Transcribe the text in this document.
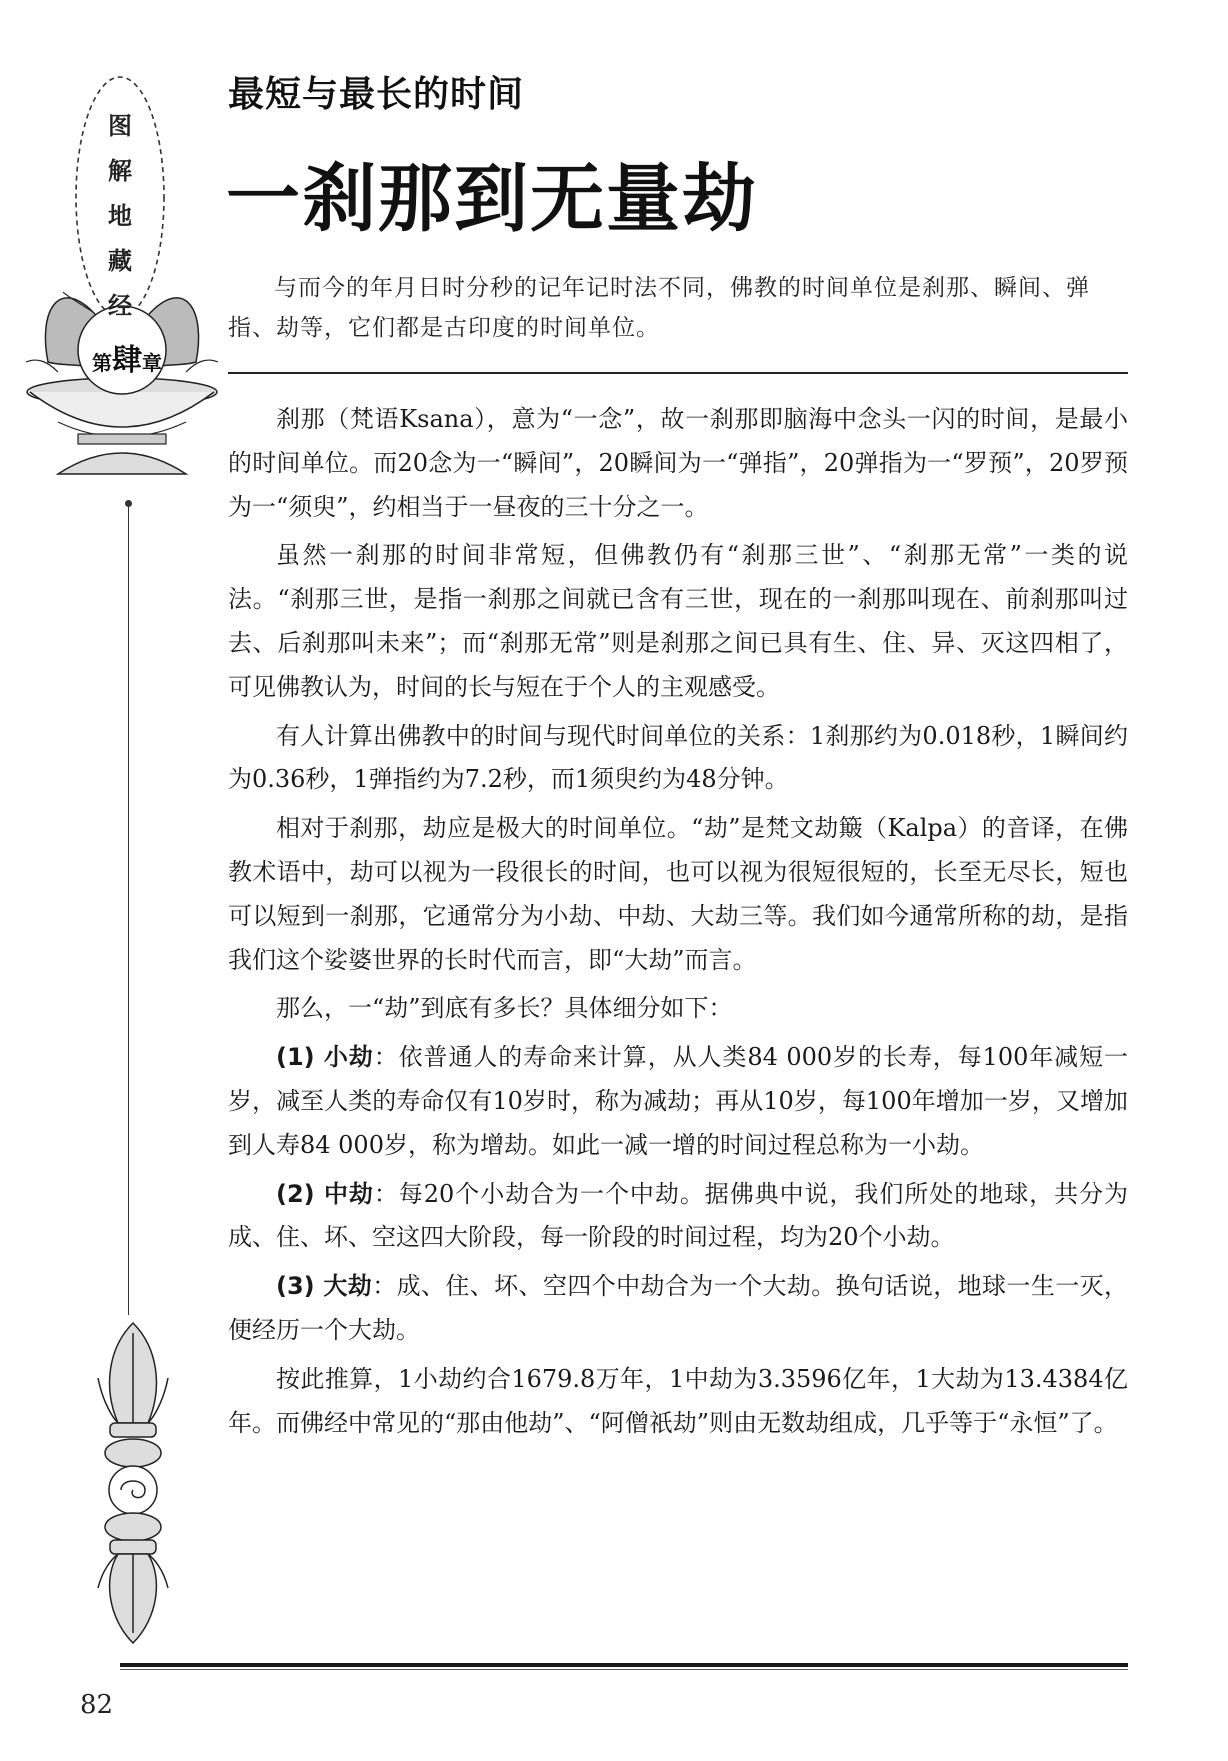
图
解
地
藏
经
第肆章
最短与最长的时间
一刹那到无量劫
与而今的年月日时分秒的记年记时法不同，佛教的时间单位是刹那、瞬间、弹指、劫等，它们都是古印度的时间单位。

刹那（梵语Ksana），意为“一念”，故一刹那即脑海中念头一闪的时间，是最小的时间单位。而20念为一“瞬间”，20瞬间为一“弹指”，20弹指为一“罗预”，20罗预为一“须臾”，约相当于一昼夜的三十分之一。

虽然一刹那的时间非常短，但佛教仍有“刹那三世”、“刹那无常”一类的说法。“刹那三世，是指一刹那之间就已含有三世，现在的一刹那叫现在、前刹那叫过去、后刹那叫未来”；而“刹那无常”则是刹那之间已具有生、住、异、灭这四相了，可见佛教认为，时间的长与短在于个人的主观感受。

有人计算出佛教中的时间与现代时间单位的关系：1刹那约为0.018秒，1瞬间约为0.36秒，1弹指约为7.2秒，而1须臾约为48分钟。

相对于刹那，劫应是极大的时间单位。“劫”是梵文劫簸（Kalpa）的音译，在佛教术语中，劫可以视为一段很长的时间，也可以视为很短很短的，长至无尽长，短也可以短到一刹那，它通常分为小劫、中劫、大劫三等。我们如今通常所称的劫，是指我们这个娑婆世界的长时代而言，即“大劫”而言。

那么，一“劫”到底有多长？具体细分如下：

(1) 小劫：依普通人的寿命来计算，从人类84 000岁的长寿，每100年减短一岁，减至人类的寿命仅有10岁时，称为减劫；再从10岁，每100年增加一岁，又增加到人寿84 000岁，称为增劫。如此一减一增的时间过程总称为一小劫。

(2) 中劫：每20个小劫合为一个中劫。据佛典中说，我们所处的地球，共分为成、住、坏、空这四大阶段，每一阶段的时间过程，均为20个小劫。

(3) 大劫：成、住、坏、空四个中劫合为一个大劫。换句话说，地球一生一灭，便经历一个大劫。

按此推算，1小劫约合1679.8万年，1中劫为3.3596亿年，1大劫为13.4384亿年。而佛经中常见的“那由他劫”、“阿僧祇劫”则由无数劫组成，几乎等于“永恒”了。

82
